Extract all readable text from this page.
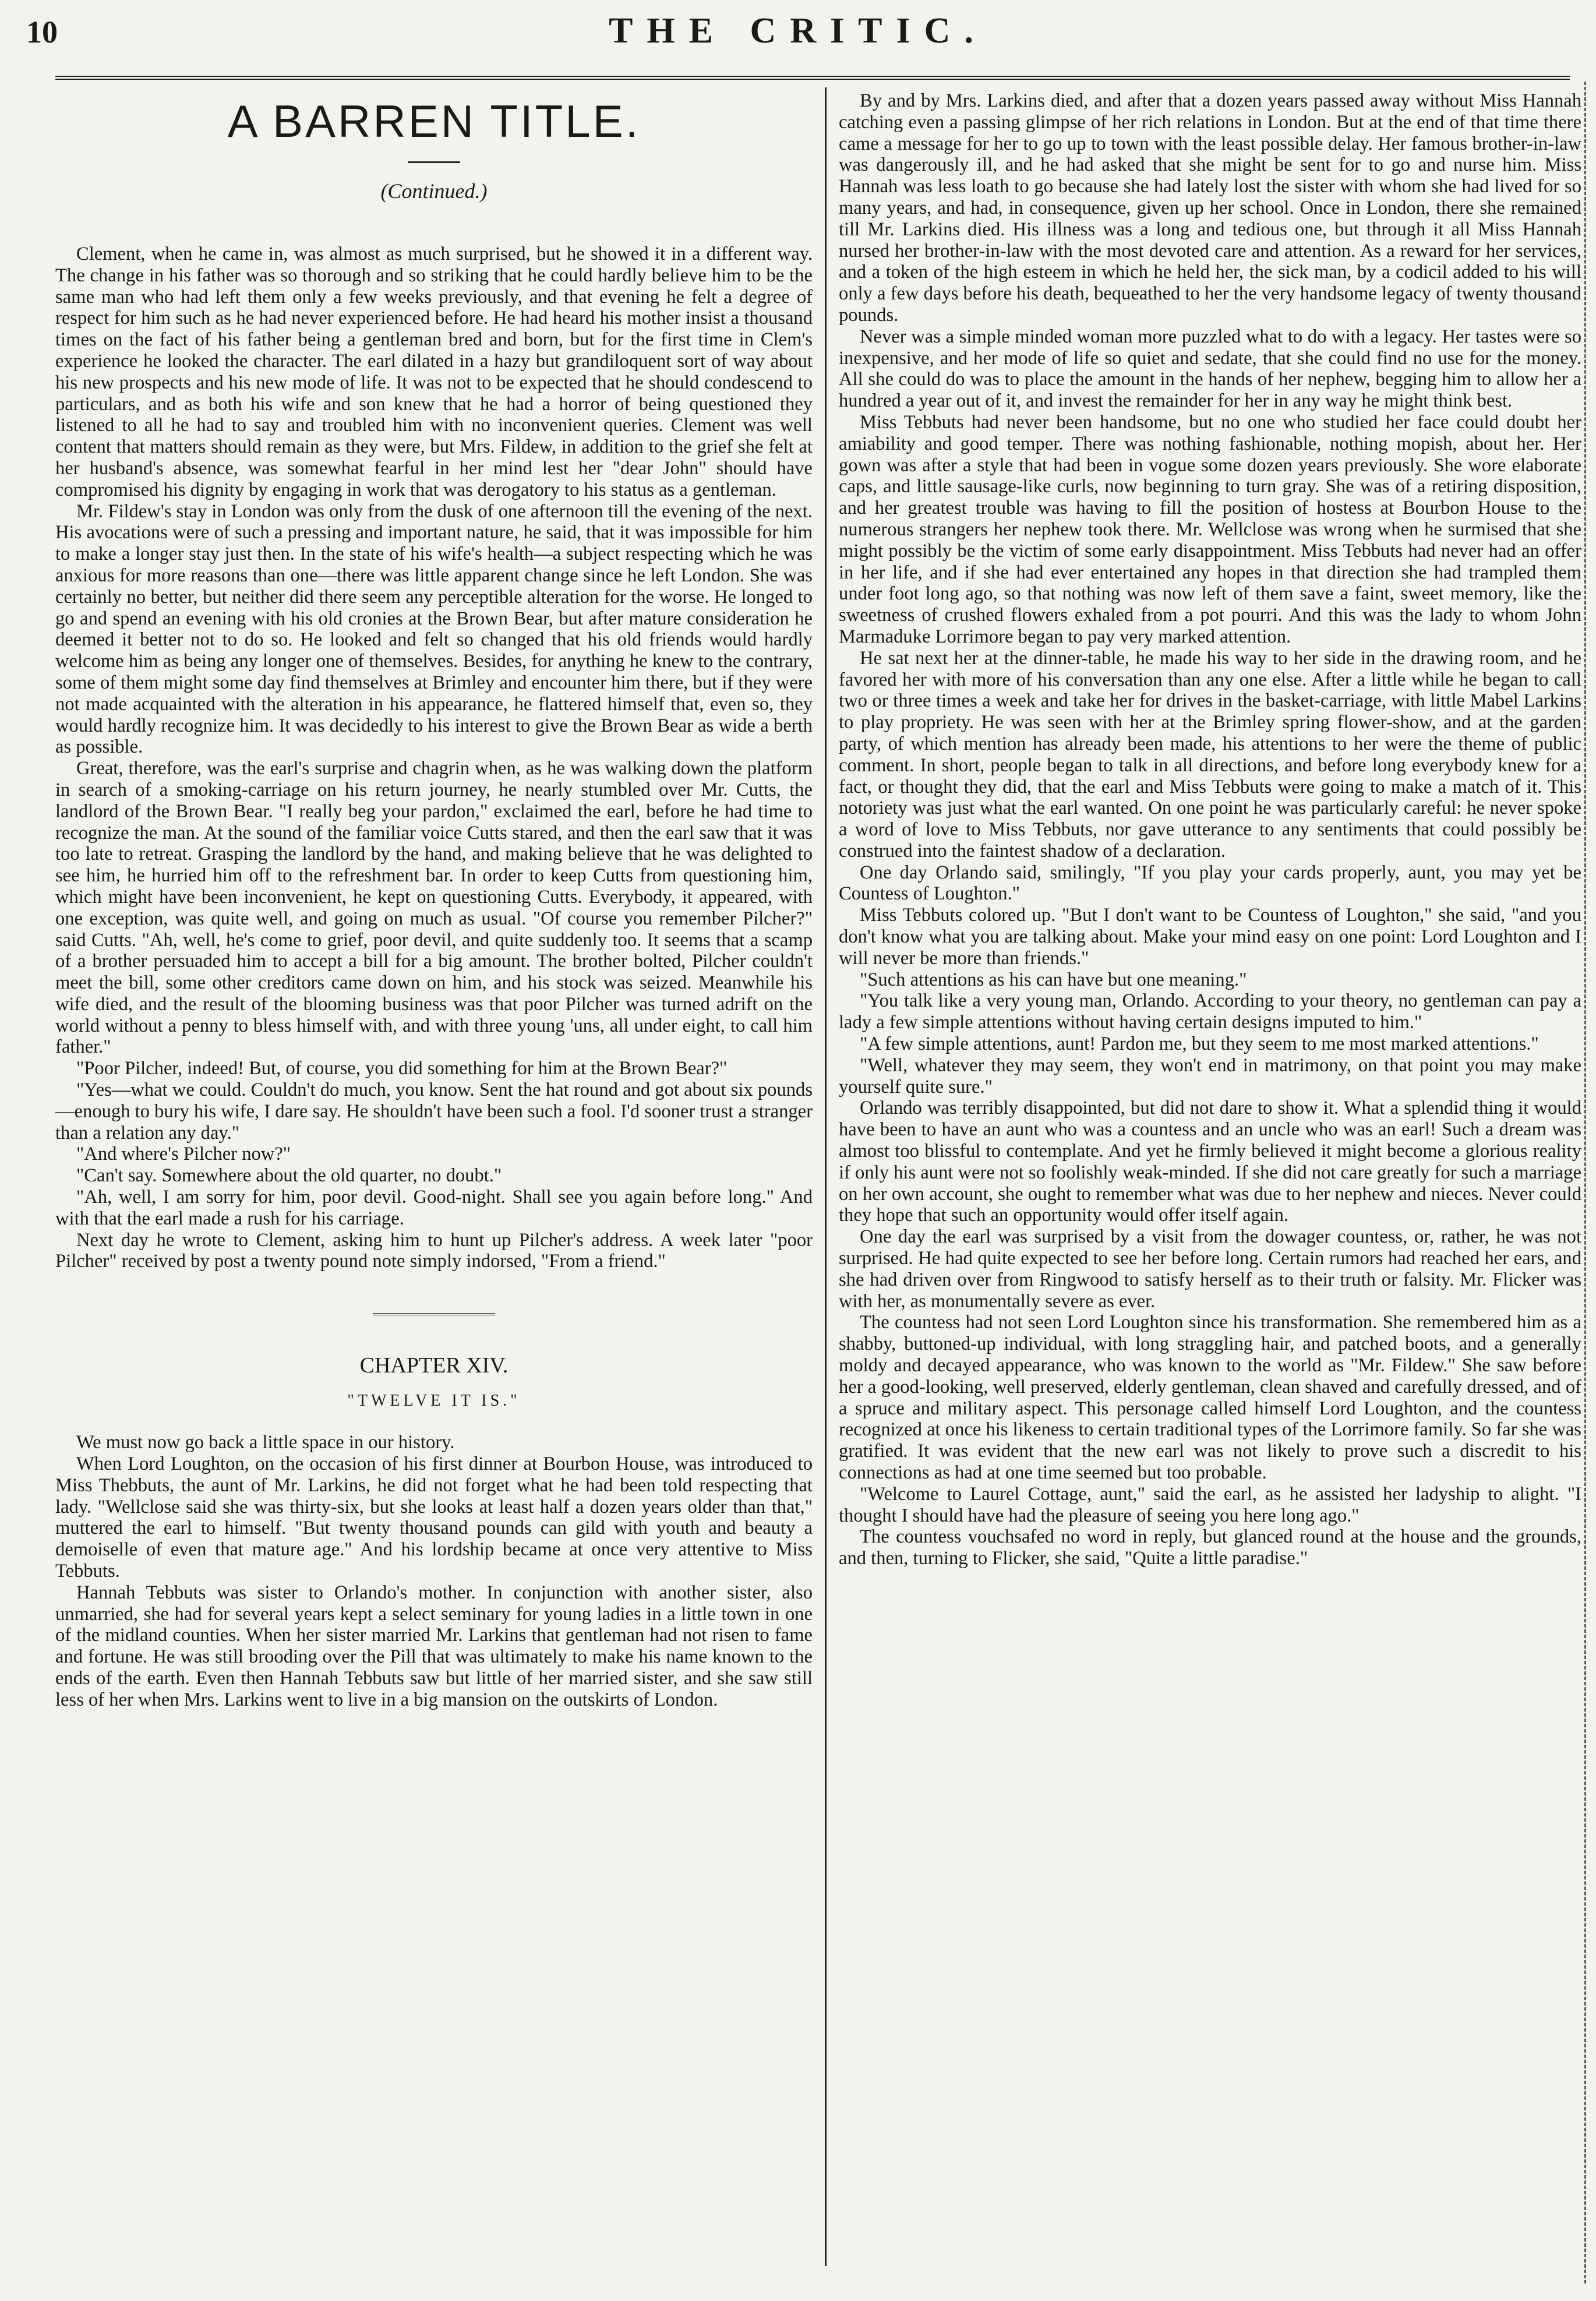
10	THE CRITIC.
A BARREN TITLE.
(Continued.)

Clement, when he came in, was almost as much surprised, but he showed it in a different way. The change in his father was so thorough and so striking that he could hardly believe him to be the same man who had left them only a few weeks previously, and that evening he felt a degree of respect for him such as he had never experienced before. He had heard his mother insist a thousand times on the fact of his father being a gentleman bred and born, but for the first time in Clem's experience he looked the character. The earl dilated in a hazy but grandiloquent sort of way about his new prospects and his new mode of life. It was not to be expected that he should condescend to particulars, and as both his wife and son knew that he had a horror of being questioned they listened to all he had to say and troubled him with no inconvenient queries. Clement was well content that matters should remain as they were, but Mrs. Fildew, in addition to the grief she felt at her husband's absence, was somewhat fearful in her mind lest her "dear John" should have compromised his dignity by engaging in work that was derogatory to his status as a gentleman.

Mr. Fildew's stay in London was only from the dusk of one afternoon till the evening of the next. His avocations were of such a pressing and important nature, he said, that it was impossible for him to make a longer stay just then. In the state of his wife's health—a subject respecting which he was anxious for more reasons than one—there was little apparent change since he left London. She was certainly no better, but neither did there seem any perceptible alteration for the worse. He longed to go and spend an evening with his old cronies at the Brown Bear, but after mature consideration he deemed it better not to do so. He looked and felt so changed that his old friends would hardly welcome him as being any longer one of themselves. Besides, for anything he knew to the contrary, some of them might some day find themselves at Brimley and encounter him there, but if they were not made acquainted with the alteration in his appearance, he flattered himself that, even so, they would hardly recognize him. It was decidedly to his interest to give the Brown Bear as wide a berth as possible.

Great, therefore, was the earl's surprise and chagrin when, as he was walking down the platform in search of a smoking-carriage on his return journey, he nearly stumbled over Mr. Cutts, the landlord of the Brown Bear. "I really beg your pardon," exclaimed the earl, before he had time to recognize the man. At the sound of the familiar voice Cutts stared, and then the earl saw that it was too late to retreat. Grasping the landlord by the hand, and making believe that he was delighted to see him, he hurried him off to the refreshment bar. In order to keep Cutts from questioning him, which might have been inconvenient, he kept on questioning Cutts. Everybody, it appeared, with one exception, was quite well, and going on much as usual. "Of course you remember Pilcher?" said Cutts. "Ah, well, he's come to grief, poor devil, and quite suddenly too. It seems that a scamp of a brother persuaded him to accept a bill for a big amount. The brother bolted, Pilcher couldn't meet the bill, some other creditors came down on him, and his stock was seized. Meanwhile his wife died, and the result of the blooming business was that poor Pilcher was turned adrift on the world without a penny to bless himself with, and with three young 'uns, all under eight, to call him father."

"Poor Pilcher, indeed! But, of course, you did something for him at the Brown Bear?"

"Yes—what we could. Couldn't do much, you know. Sent the hat round and got about six pounds—enough to bury his wife, I dare say. He shouldn't have been such a fool. I'd sooner trust a stranger than a relation any day."

"And where's Pilcher now?"

"Can't say. Somewhere about the old quarter, no doubt."

"Ah, well, I am sorry for him, poor devil. Good-night. Shall see you again before long." And with that the earl made a rush for his carriage.

Next day he wrote to Clement, asking him to hunt up Pilcher's address. A week later "poor Pilcher" received by post a twenty pound note simply indorsed, "From a friend."

CHAPTER XIV.
"TWELVE IT IS."

We must now go back a little space in our history.

When Lord Loughton, on the occasion of his first dinner at Bourbon House, was introduced to Miss Thebbuts, the aunt of Mr. Larkins, he did not forget what he had been told respecting that lady. "Wellclose said she was thirty-six, but she looks at least half a dozen years older than that," muttered the earl to himself. "But twenty thousand pounds can gild with youth and beauty a demoiselle of even that mature age." And his lordship became at once very attentive to Miss Tebbuts.

Hannah Tebbuts was sister to Orlando's mother. In conjunction with another sister, also unmarried, she had for several years kept a select seminary for young ladies in a little town in one of the midland counties. When her sister married Mr. Larkins that gentleman had not risen to fame and fortune. He was still brooding over the Pill that was ultimately to make his name known to the ends of the earth. Even then Hannah Tebbuts saw but little of her married sister, and she saw still less of her when Mrs. Larkins went to live in a big mansion on the outskirts of London.

By and by Mrs. Larkins died, and after that a dozen years passed away without Miss Hannah catching even a passing glimpse of her rich relations in London. But at the end of that time there came a message for her to go up to town with the least possible delay. Her famous brother-in-law was dangerously ill, and he had asked that she might be sent for to go and nurse him. Miss Hannah was less loath to go because she had lately lost the sister with whom she had lived for so many years, and had, in consequence, given up her school. Once in London, there she remained till Mr. Larkins died. His illness was a long and tedious one, but through it all Miss Hannah nursed her brother-in-law with the most devoted care and attention. As a reward for her services, and a token of the high esteem in which he held her, the sick man, by a codicil added to his will only a few days before his death, bequeathed to her the very handsome legacy of twenty thousand pounds.

Never was a simple minded woman more puzzled what to do with a legacy. Her tastes were so inexpensive, and her mode of life so quiet and sedate, that she could find no use for the money. All she could do was to place the amount in the hands of her nephew, begging him to allow her a hundred a year out of it, and invest the remainder for her in any way he might think best.

Miss Tebbuts had never been handsome, but no one who studied her face could doubt her amiability and good temper. There was nothing fashionable, nothing mopish, about her. Her gown was after a style that had been in vogue some dozen years previously. She wore elaborate caps, and little sausage-like curls, now beginning to turn gray. She was of a retiring disposition, and her greatest trouble was having to fill the position of hostess at Bourbon House to the numerous strangers her nephew took there. Mr. Wellclose was wrong when he surmised that she might possibly be the victim of some early disappointment. Miss Tebbuts had never had an offer in her life, and if she had ever entertained any hopes in that direction she had trampled them under foot long ago, so that nothing was now left of them save a faint, sweet memory, like the sweetness of crushed flowers exhaled from a pot pourri. And this was the lady to whom John Marmaduke Lorrimore began to pay very marked attention.

He sat next her at the dinner-table, he made his way to her side in the drawing room, and he favored her with more of his conversation than any one else. After a little while he began to call two or three times a week and take her for drives in the basket-carriage, with little Mabel Larkins to play propriety. He was seen with her at the Brimley spring flower-show, and at the garden party, of which mention has already been made, his attentions to her were the theme of public comment. In short, people began to talk in all directions, and before long everybody knew for a fact, or thought they did, that the earl and Miss Tebbuts were going to make a match of it. This notoriety was just what the earl wanted. On one point he was particularly careful: he never spoke a word of love to Miss Tebbuts, nor gave utterance to any sentiments that could possibly be construed into the faintest shadow of a declaration.

One day Orlando said, smilingly, "If you play your cards properly, aunt, you may yet be Countess of Loughton."

Miss Tebbuts colored up. "But I don't want to be Countess of Loughton," she said, "and you don't know what you are talking about. Make your mind easy on one point: Lord Loughton and I will never be more than friends."

"Such attentions as his can have but one meaning."

"You talk like a very young man, Orlando. According to your theory, no gentleman can pay a lady a few simple attentions without having certain designs imputed to him."

"A few simple attentions, aunt! Pardon me, but they seem to me most marked attentions."

"Well, whatever they may seem, they won't end in matrimony, on that point you may make yourself quite sure."

Orlando was terribly disappointed, but did not dare to show it. What a splendid thing it would have been to have an aunt who was a countess and an uncle who was an earl! Such a dream was almost too blissful to contemplate. And yet he firmly believed it might become a glorious reality if only his aunt were not so foolishly weak-minded. If she did not care greatly for such a marriage on her own account, she ought to remember what was due to her nephew and nieces. Never could they hope that such an opportunity would offer itself again.

One day the earl was surprised by a visit from the dowager countess, or, rather, he was not surprised. He had quite expected to see her before long. Certain rumors had reached her ears, and she had driven over from Ringwood to satisfy herself as to their truth or falsity. Mr. Flicker was with her, as monumentally severe as ever.

The countess had not seen Lord Loughton since his transformation. She remembered him as a shabby, buttoned-up individual, with long straggling hair, and patched boots, and a generally moldy and decayed appearance, who was known to the world as "Mr. Fildew." She saw before her a good-looking, well preserved, elderly gentleman, clean shaved and carefully dressed, and of a spruce and military aspect. This personage called himself Lord Loughton, and the countess recognized at once his likeness to certain traditional types of the Lorrimore family. So far she was gratified. It was evident that the new earl was not likely to prove such a discredit to his connections as had at one time seemed but too probable.

"Welcome to Laurel Cottage, aunt," said the earl, as he assisted her ladyship to alight. "I thought I should have had the pleasure of seeing you here long ago."

The countess vouchsafed no word in reply, but glanced round at the house and the grounds, and then, turning to Flicker, she said, "Quite a little paradise."
